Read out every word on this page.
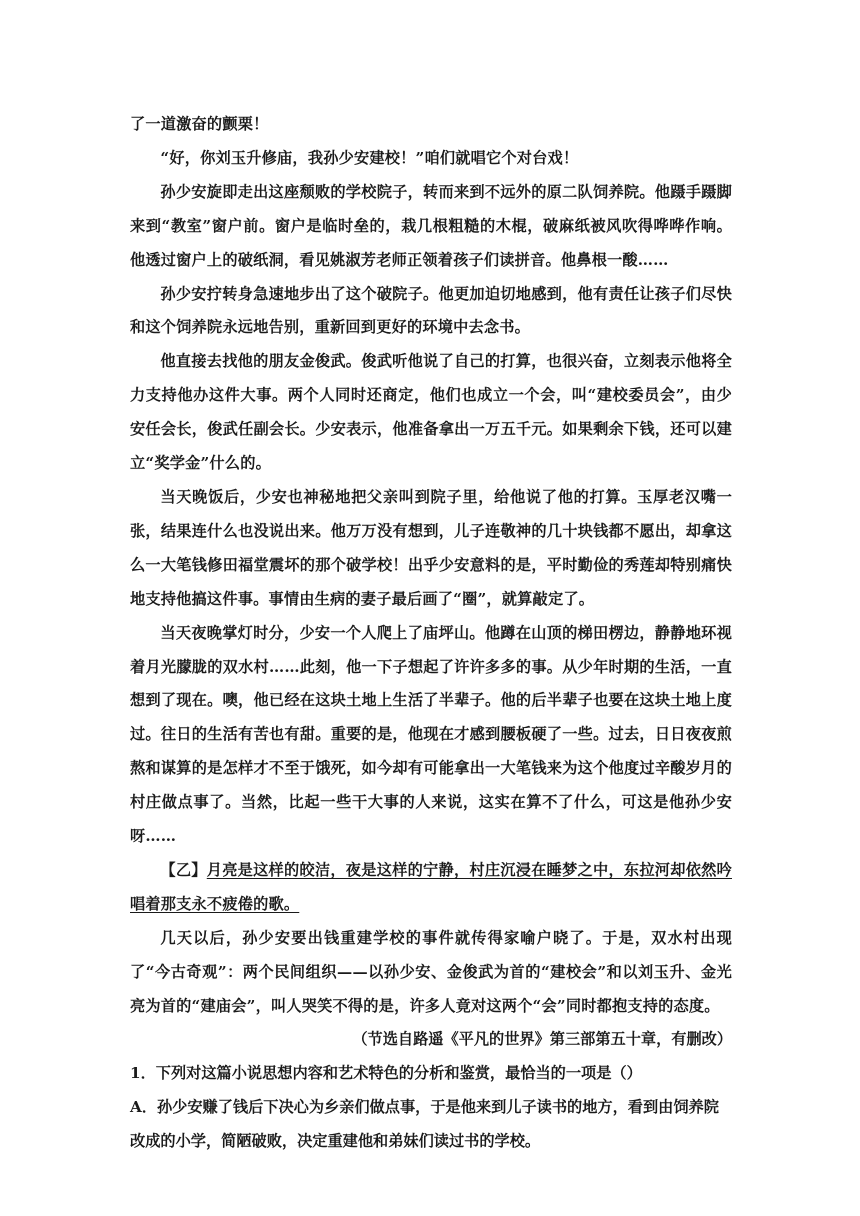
了一道激奋的颤栗！

“好，你刘玉升修庙，我孙少安建校！”咱们就唱它个对台戏！

孙少安旋即走出这座颓败的学校院子，转而来到不远外的原二队饲养院。他蹑手蹑脚来到“教室”窗户前。窗户是临时垒的，栽几根粗糙的木棍，破麻纸被风吹得哗哗作响。他透过窗户上的破纸洞，看见姚淑芳老师正领着孩子们读拼音。他鼻根一酸……

孙少安拧转身急速地步出了这个破院子。他更加迫切地感到，他有责任让孩子们尽快和这个饲养院永远地告别，重新回到更好的环境中去念书。

他直接去找他的朋友金俊武。俊武听他说了自己的打算，也很兴奋，立刻表示他将全力支持他办这件大事。两个人同时还商定，他们也成立一个会，叫“建校委员会”，由少安任会长，俊武任副会长。少安表示，他准备拿出一万五千元。如果剩余下钱，还可以建立“奖学金”什么的。

当天晚饭后，少安也神秘地把父亲叫到院子里，给他说了他的打算。玉厚老汉嘴一张，结果连什么也没说出来。他万万没有想到，儿子连敬神的几十块钱都不愿出，却拿这么一大笔钱修田福堂震坏的那个破学校！出乎少安意料的是，平时勤俭的秀莲却特别痛快地支持他搞这件事。事情由生病的妻子最后画了“圈”，就算敲定了。

当天夜晚掌灯时分，少安一个人爬上了庙坪山。他蹲在山顶的梯田楞边，静静地环视着月光朦胧的双水村……此刻，他一下子想起了许许多多的事。从少年时期的生活，一直想到了现在。噢，他已经在这块土地上生活了半辈子。他的后半辈子也要在这块土地上度过。往日的生活有苦也有甜。重要的是，他现在才感到腰板硬了一些。过去，日日夜夜煎熬和谋算的是怎样才不至于饿死，如今却有可能拿出一大笔钱来为这个他度过辛酸岁月的村庄做点事了。当然，比起一些干大事的人来说，这实在算不了什么，可这是他孙少安呀……

【乙】月亮是这样的皎洁，夜是这样的宁静，村庄沉浸在睡梦之中，东拉河却依然吟唱着那支永不疲倦的歌。

几天以后，孙少安要出钱重建学校的事件就传得家喻户晓了。于是，双水村出现了“今古奇观”：两个民间组织——以孙少安、金俊武为首的“建校会”和以刘玉升、金光亮为首的“建庙会”，叫人哭笑不得的是，许多人竟对这两个“会”同时都抱支持的态度。

（节选自路遥《平凡的世界》第三部第五十章，有删改）

1．下列对这篇小说思想内容和艺术特色的分析和鉴赏，最恰当的一项是（）

A．孙少安赚了钱后下决心为乡亲们做点事，于是他来到儿子读书的地方，看到由饲养院改成的小学，简陋破败，决定重建他和弟妹们读过书的学校。
